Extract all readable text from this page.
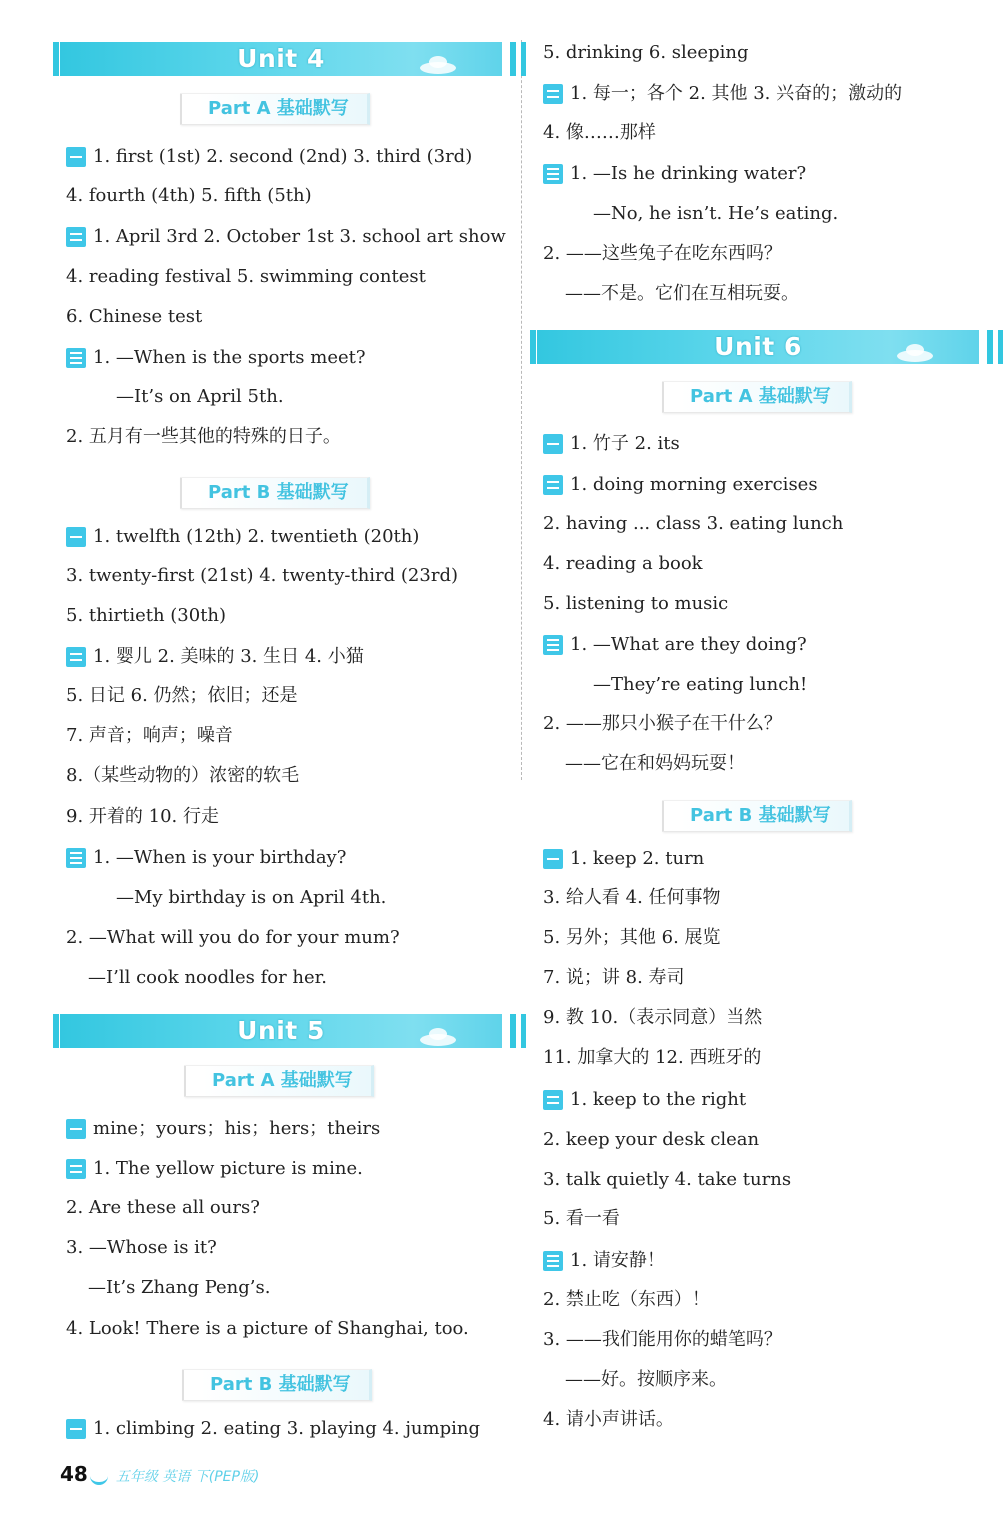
Unit 4
Part A 基础默写
1. first (1st) 2. second (2nd) 3. third (3rd)
4. fourth (4th) 5. fifth (5th)
1. April 3rd 2. October 1st 3. school art show
4. reading festival 5. swimming contest
6. Chinese test
1. —When is the sports meet?
—It’s on April 5th.
2. 五月有一些其他的特殊的日子。
Part B 基础默写
1. twelfth (12th) 2. twentieth (20th)
3. twenty-first (21st) 4. twenty-third (23rd)
5. thirtieth (30th)
1. 婴儿 2. 美味的 3. 生日 4. 小猫
5. 日记 6. 仍然；依旧；还是
7. 声音；响声；噪音
8.（某些动物的）浓密的软毛
9. 开着的 10. 行走
1. —When is your birthday?
—My birthday is on April 4th.
2. —What will you do for your mum?
—I’ll cook noodles for her.
Unit 5
Part A 基础默写
mine；yours；his；hers；theirs
1. The yellow picture is mine.
2. Are these all ours?
3. —Whose is it?
—It’s Zhang Peng’s.
4. Look! There is a picture of Shanghai, too.
Part B 基础默写
1. climbing 2. eating 3. playing 4. jumping
5. drinking 6. sleeping
1. 每一；各个 2. 其他 3. 兴奋的；激动的
4. 像……那样
1. —Is he drinking water?
—No, he isn’t. He’s eating.
2. ——这些兔子在吃东西吗？
——不是。它们在互相玩耍。
Unit 6
Part A 基础默写
1. 竹子 2. its
1. doing morning exercises
2. having ... class 3. eating lunch
4. reading a book
5. listening to music
1. —What are they doing?
—They’re eating lunch!
2. ——那只小猴子在干什么？
——它在和妈妈玩耍！
Part B 基础默写
1. keep 2. turn
3. 给人看 4. 任何事物
5. 另外；其他 6. 展览
7. 说；讲 8. 寿司
9. 教 10.（表示同意）当然
11. 加拿大的 12. 西班牙的
1. keep to the right
2. keep your desk clean
3. talk quietly 4. take turns
5. 看一看
1. 请安静！
2. 禁止吃（东西）！
3. ——我们能用你的蜡笔吗？
——好。按顺序来。
4. 请小声讲话。
48 五年级 英语 下(PEP版)
